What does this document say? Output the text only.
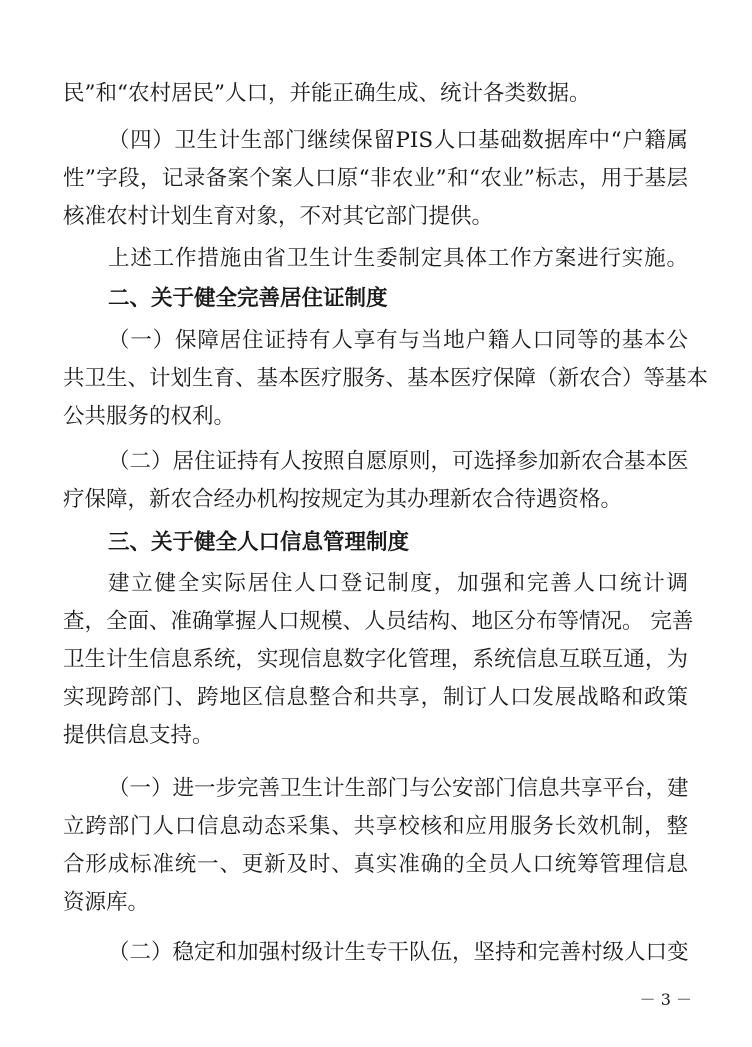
民”和“农村居民”人口，并能正确生成、统计各类数据。
（四）卫生计生部门继续保留PIS人口基础数据库中“户籍属
性”字段，记录备案个案人口原“非农业”和“农业”标志，用于基层
核准农村计划生育对象，不对其它部门提供。
上述工作措施由省卫生计生委制定具体工作方案进行实施。
二、关于健全完善居住证制度
（一）保障居住证持有人享有与当地户籍人口同等的基本公
共卫生、计划生育、基本医疗服务、基本医疗保障（新农合）等基本
公共服务的权利。
（二）居住证持有人按照自愿原则，可选择参加新农合基本医
疗保障，新农合经办机构按规定为其办理新农合待遇资格。
三、关于健全人口信息管理制度
建立健全实际居住人口登记制度，加强和完善人口统计调
查，全面、准确掌握人口规模、人员结构、地区分布等情况。 完善
卫生计生信息系统，实现信息数字化管理，系统信息互联互通，为
实现跨部门、跨地区信息整合和共享，制订人口发展战略和政策
提供信息支持。
（一）进一步完善卫生计生部门与公安部门信息共享平台，建
立跨部门人口信息动态采集、共享校核和应用服务长效机制，整
合形成标准统一、更新及时、真实准确的全员人口统筹管理信息
资源库。
（二）稳定和加强村级计生专干队伍，坚持和完善村级人口变
－ 3 －
